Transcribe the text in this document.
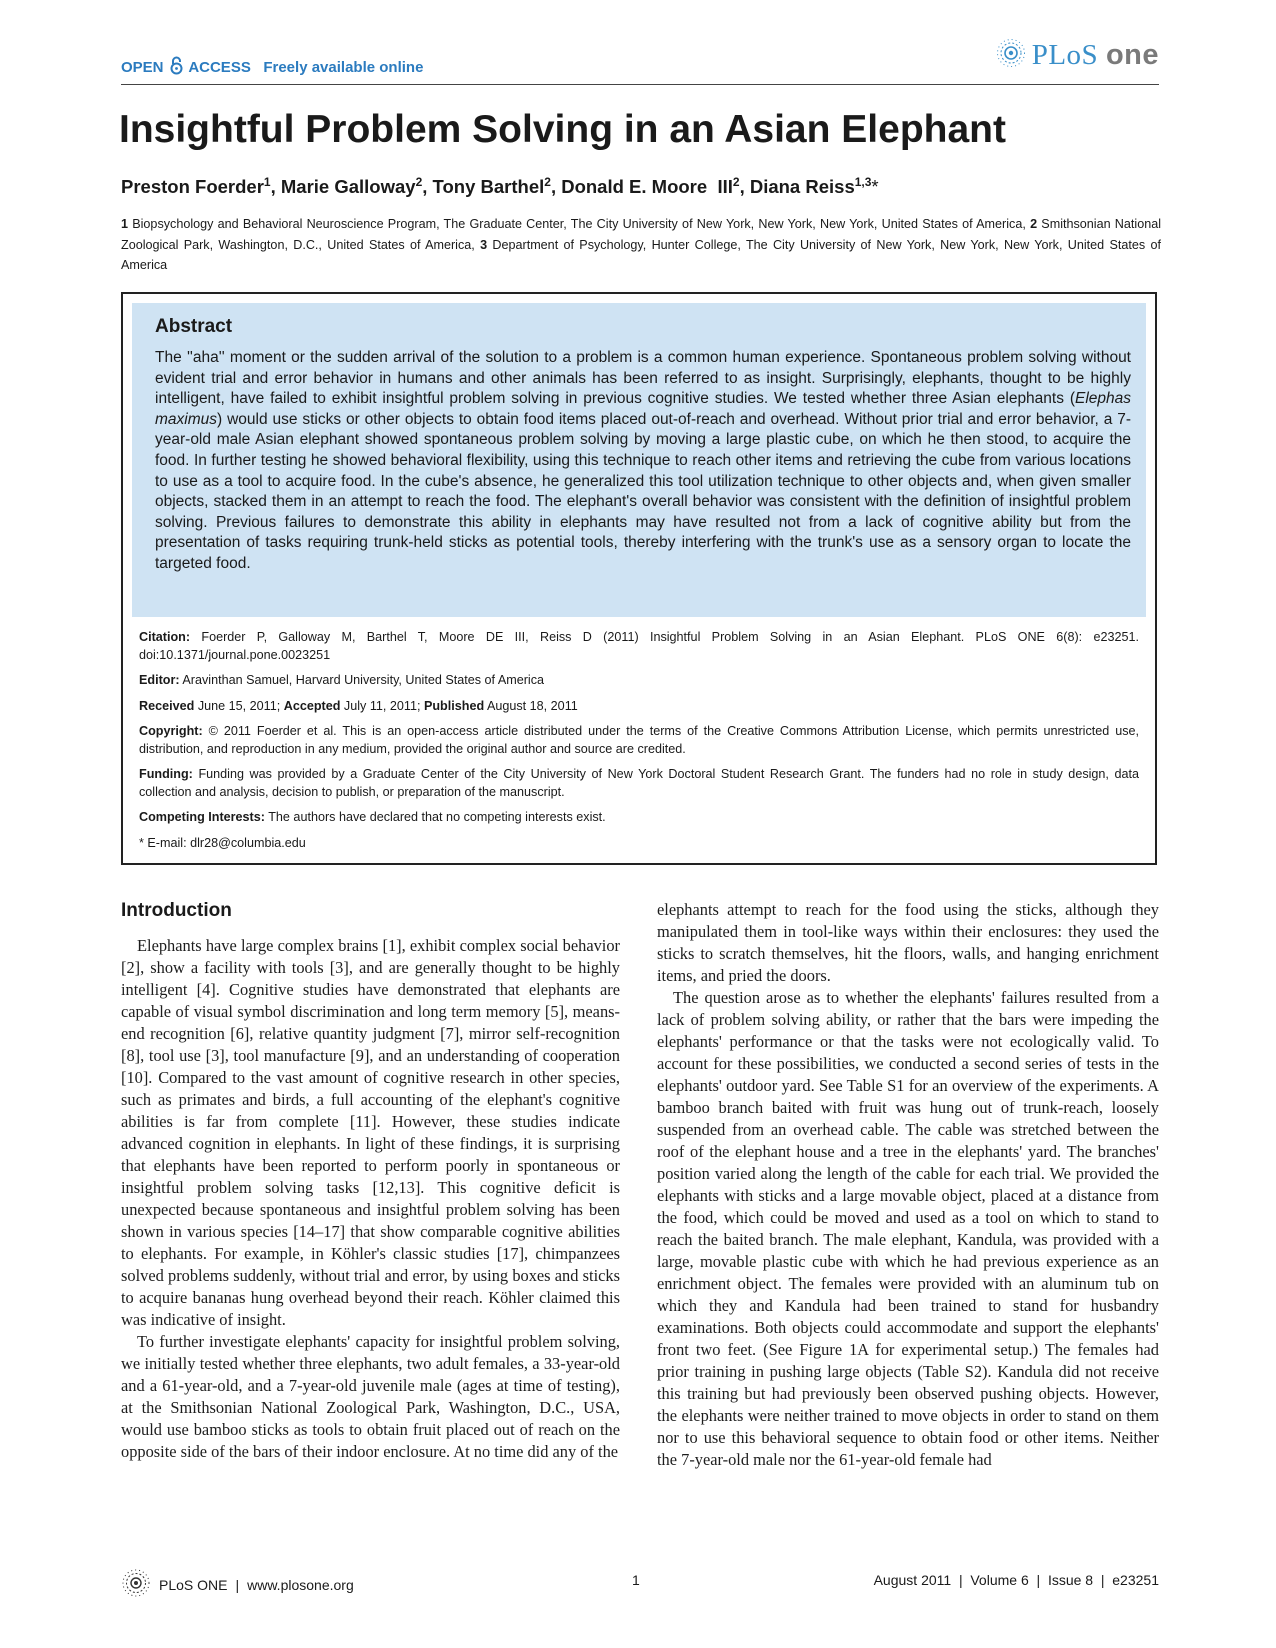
OPEN ACCESS Freely available online	PLoS one
Insightful Problem Solving in an Asian Elephant
Preston Foerder$^1$, Marie Galloway$^2$, Tony Barthel$^2$, Donald E. Moore  III$^2$, Diana Reiss$^{1,3}$*
1 Biopsychology and Behavioral Neuroscience Program, The Graduate Center, The City University of New York, New York, New York, United States of America, 2 Smithsonian National Zoological Park, Washington, D.C., United States of America, 3 Department of Psychology, Hunter College, The City University of New York, New York, New York, United States of America
Abstract
The ''aha'' moment or the sudden arrival of the solution to a problem is a common human experience. Spontaneous problem solving without evident trial and error behavior in humans and other animals has been referred to as insight. Surprisingly, elephants, thought to be highly intelligent, have failed to exhibit insightful problem solving in previous cognitive studies. We tested whether three Asian elephants (Elephas maximus) would use sticks or other objects to obtain food items placed out-of-reach and overhead. Without prior trial and error behavior, a 7-year-old male Asian elephant showed spontaneous problem solving by moving a large plastic cube, on which he then stood, to acquire the food. In further testing he showed behavioral flexibility, using this technique to reach other items and retrieving the cube from various locations to use as a tool to acquire food. In the cube's absence, he generalized this tool utilization technique to other objects and, when given smaller objects, stacked them in an attempt to reach the food. The elephant's overall behavior was consistent with the definition of insightful problem solving. Previous failures to demonstrate this ability in elephants may have resulted not from a lack of cognitive ability but from the presentation of tasks requiring trunk-held sticks as potential tools, thereby interfering with the trunk's use as a sensory organ to locate the targeted food.
Citation: Foerder P, Galloway M, Barthel T, Moore DE III, Reiss D (2011) Insightful Problem Solving in an Asian Elephant. PLoS ONE 6(8): e23251. doi:10.1371/journal.pone.0023251
Editor: Aravinthan Samuel, Harvard University, United States of America
Received June 15, 2011; Accepted July 11, 2011; Published August 18, 2011
Copyright: © 2011 Foerder et al. This is an open-access article distributed under the terms of the Creative Commons Attribution License, which permits unrestricted use, distribution, and reproduction in any medium, provided the original author and source are credited.
Funding: Funding was provided by a Graduate Center of the City University of New York Doctoral Student Research Grant. The funders had no role in study design, data collection and analysis, decision to publish, or preparation of the manuscript.
Competing Interests: The authors have declared that no competing interests exist.
* E-mail: dlr28@columbia.edu
Introduction

Elephants have large complex brains [1], exhibit complex social behavior [2], show a facility with tools [3], and are generally thought to be highly intelligent [4]. Cognitive studies have demonstrated that elephants are capable of visual symbol discrimination and long term memory [5], means-end recognition [6], relative quantity judgment [7], mirror self-recognition [8], tool use [3], tool manufacture [9], and an understanding of cooperation [10]. Compared to the vast amount of cognitive research in other species, such as primates and birds, a full accounting of the elephant's cognitive abilities is far from complete [11]. However, these studies indicate advanced cognition in elephants. In light of these findings, it is surprising that elephants have been reported to perform poorly in spontaneous or insightful problem solving tasks [12,13]. This cognitive deficit is unexpected because spontaneous and insightful problem solving has been shown in various species [14–17] that show comparable cognitive abilities to elephants. For example, in Köhler's classic studies [17], chimpanzees solved problems suddenly, without trial and error, by using boxes and sticks to acquire bananas hung overhead beyond their reach. Köhler claimed this was indicative of insight.

To further investigate elephants' capacity for insightful problem solving, we initially tested whether three elephants, two adult females, a 33-year-old and a 61-year-old, and a 7-year-old juvenile male (ages at time of testing), at the Smithsonian National Zoological Park, Washington, D.C., USA, would use bamboo sticks as tools to obtain fruit placed out of reach on the opposite side of the bars of their indoor enclosure. At no time did any of the

elephants attempt to reach for the food using the sticks, although they manipulated them in tool-like ways within their enclosures: they used the sticks to scratch themselves, hit the floors, walls, and hanging enrichment items, and pried the doors.

The question arose as to whether the elephants' failures resulted from a lack of problem solving ability, or rather that the bars were impeding the elephants' performance or that the tasks were not ecologically valid. To account for these possibilities, we conducted a second series of tests in the elephants' outdoor yard. See Table S1 for an overview of the experiments. A bamboo branch baited with fruit was hung out of trunk-reach, loosely suspended from an overhead cable. The cable was stretched between the roof of the elephant house and a tree in the elephants' yard. The branches' position varied along the length of the cable for each trial. We provided the elephants with sticks and a large movable object, placed at a distance from the food, which could be moved and used as a tool on which to stand to reach the baited branch. The male elephant, Kandula, was provided with a large, movable plastic cube with which he had previous experience as an enrichment object. The females were provided with an aluminum tub on which they and Kandula had been trained to stand for husbandry examinations. Both objects could accommodate and support the elephants' front two feet. (See Figure 1A for experimental setup.) The females had prior training in pushing large objects (Table S2). Kandula did not receive this training but had previously been observed pushing objects. However, the elephants were neither trained to move objects in order to stand on them nor to use this behavioral sequence to obtain food or other items. Neither the 7-year-old male nor the 61-year-old female had

PLoS ONE | www.plosone.org	1	August 2011  |  Volume 6  |  Issue 8  |  e23251
